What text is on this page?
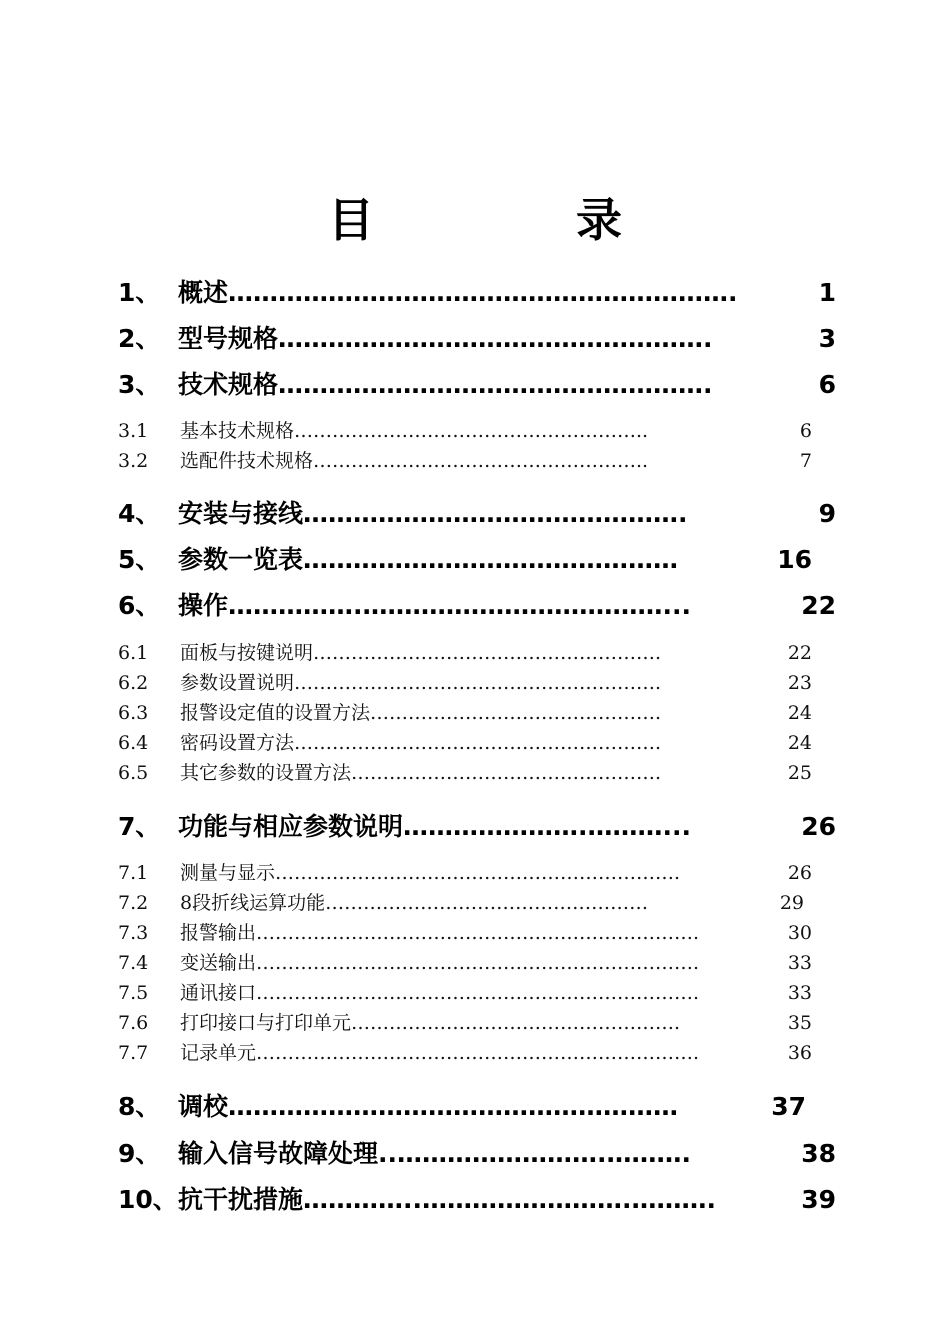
目　录
1、 概述…………………………………………………….	1
2、 型号规格…………………………………………….	3
3、 技术规格…………………………………………….	6
3.1 基本技术规格………………………………………………..	6
3.2 选配件技术规格……………………………………………..	7
4、 安装与接线……………………………………….	9
5、 参数一览表………………………………………	16
6、 操作…………….………………………………...	22
6.1 面板与按键说明……………………………………………….	22
6.2 参数设置说明………………………………………………….	23
6.3 报警设定值的设置方法……………………………………….	24
6.4 密码设置方法………………………………………………….	24
6.5 其它参数的设置方法………………………………………….	25
7、 功能与相应参数说明………………….………...	26
7.1 测量与显示……………………………………………………….	26
7.2 8段折线运算功能……………………………………………	29
7.3 报警输出…………………………………………………………….	30
7.4 变送输出…………………………………………………………….	33
7.5 通讯接口…………………………………………………………….	33
7.6 打印接口与打印单元…………………………………………….	35
7.7 记录单元…………………………………………………………….	36
8、 调校………………………………………………	37
9、 输入信号故障处理..…………………….……….	38
10、 抗干扰措施…………..…………………….……….	39
